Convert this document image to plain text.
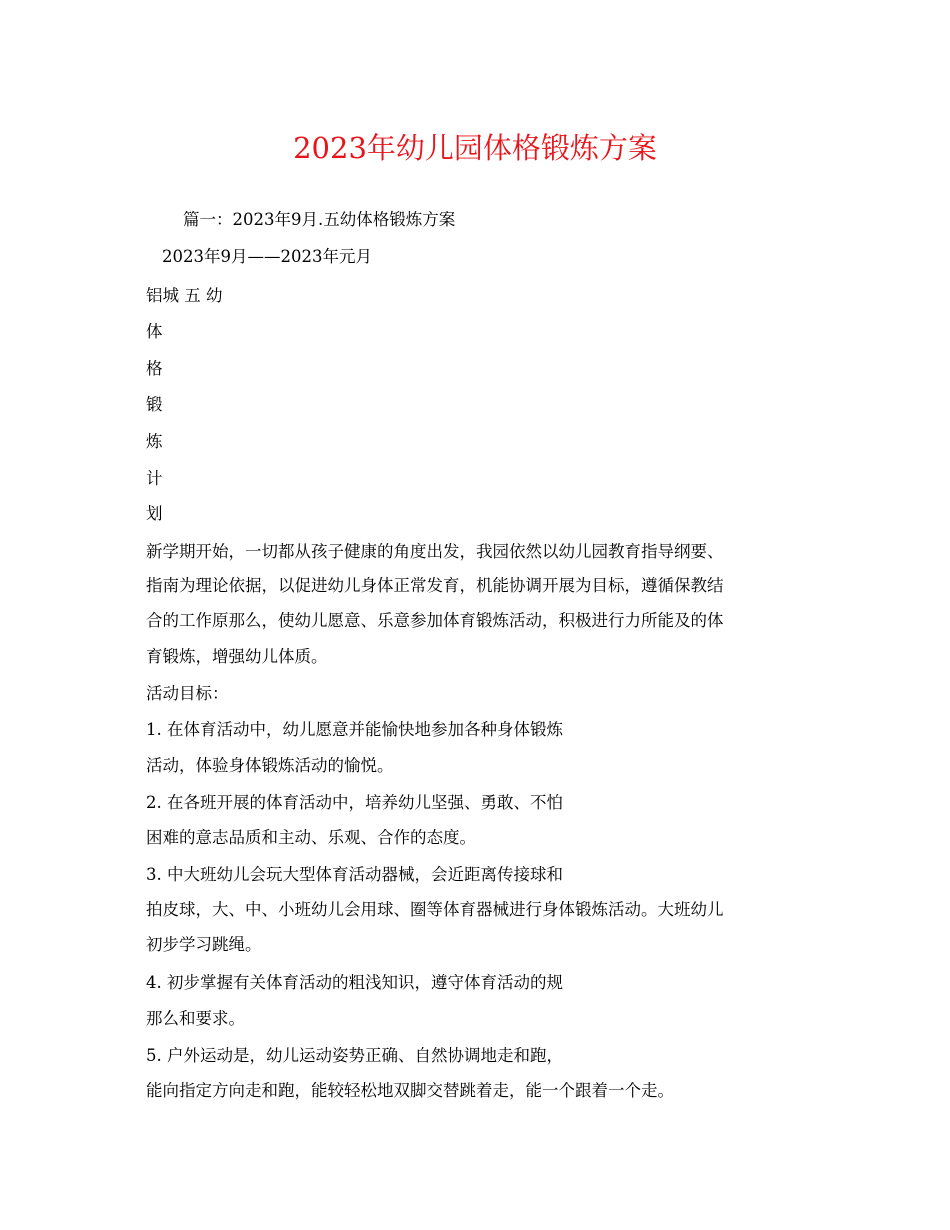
2023年幼儿园体格锻炼方案
篇一：2023年9月.五幼体格锻炼方案
2023年9月——2023年元月
铝城 五 幼
体
格
锻
炼
计
划
新学期开始，一切都从孩子健康的角度出发，我园依然以幼儿园教育指导纲要、
指南为理论依据，以促进幼儿身体正常发育，机能协调开展为目标，遵循保教结
合的工作原那么，使幼儿愿意、乐意参加体育锻炼活动，积极进行力所能及的体
育锻炼，增强幼儿体质。
活动目标：
1. 在体育活动中，幼儿愿意并能愉快地参加各种身体锻炼
活动，体验身体锻炼活动的愉悦。
2. 在各班开展的体育活动中，培养幼儿坚强、勇敢、不怕
困难的意志品质和主动、乐观、合作的态度。
3. 中大班幼儿会玩大型体育活动器械，会近距离传接球和
拍皮球，大、中、小班幼儿会用球、圈等体育器械进行身体锻炼活动。大班幼儿
初步学习跳绳。
4. 初步掌握有关体育活动的粗浅知识，遵守体育活动的规
那么和要求。
5. 户外运动是，幼儿运动姿势正确、自然协调地走和跑，
能向指定方向走和跑，能较轻松地双脚交替跳着走，能一个跟着一个走。
